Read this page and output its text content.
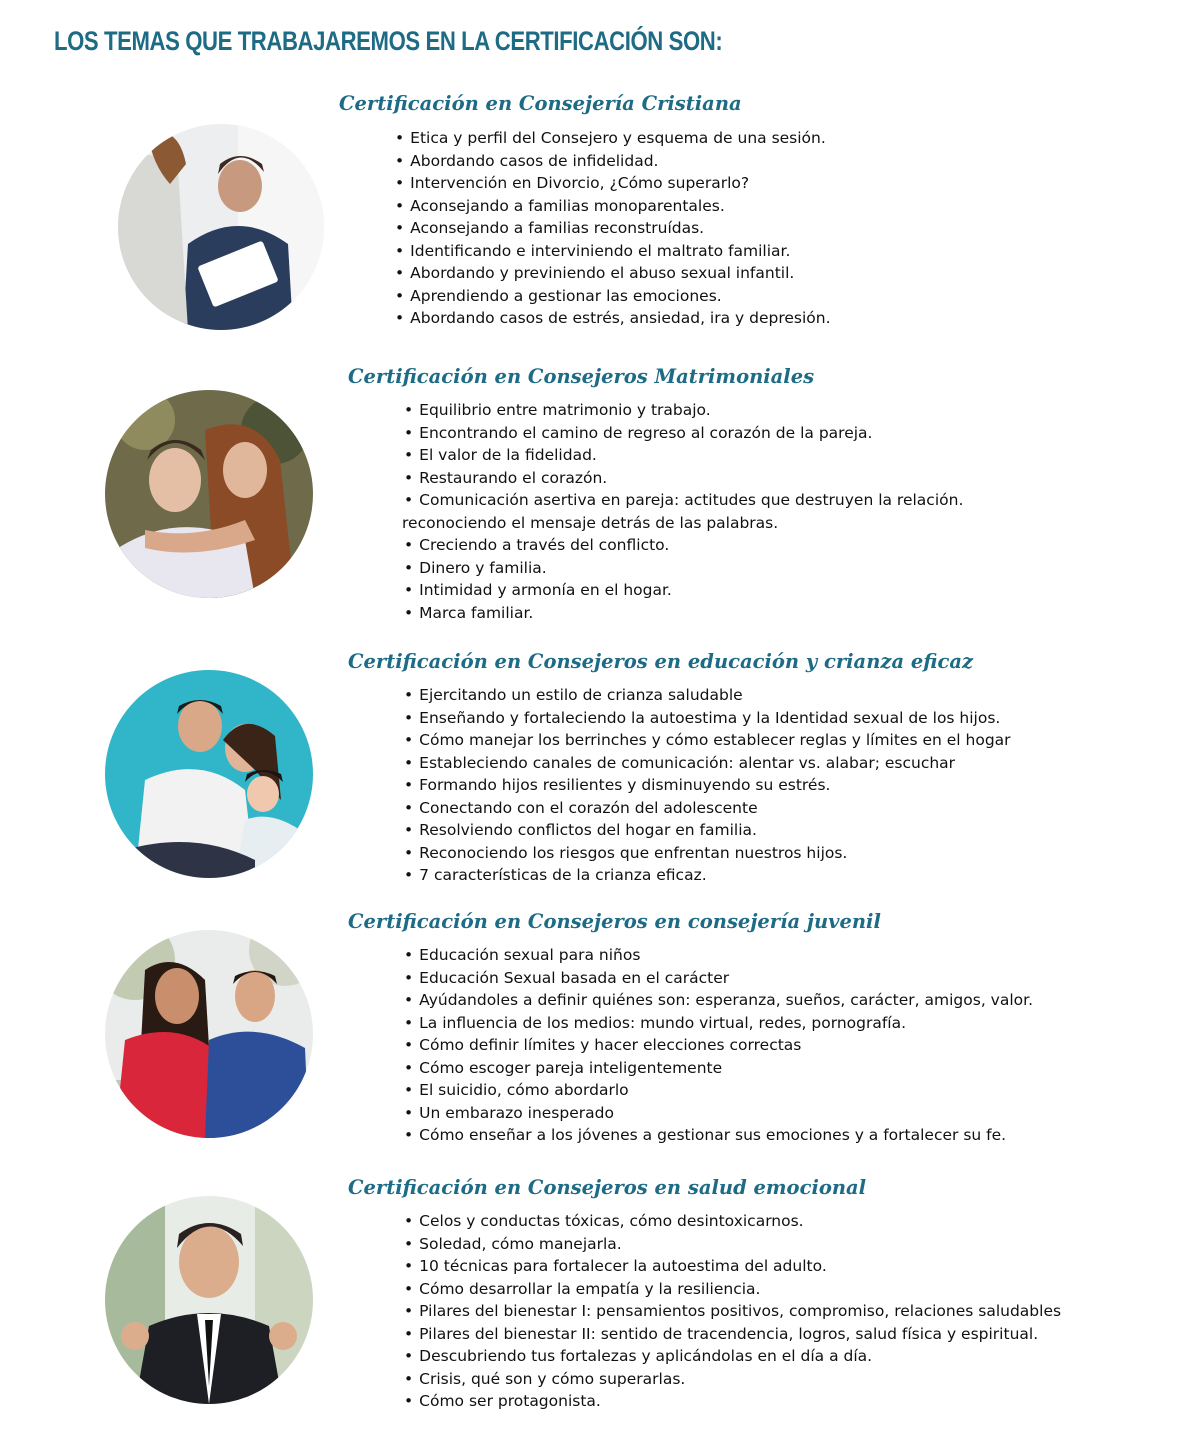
LOS TEMAS QUE TRABAJAREMOS EN LA CERTIFICACIÓN SON:
Certificación en Consejería Cristiana
• Etica y perfil del Consejero y esquema de una sesión.
• Abordando casos de infidelidad.
• Intervención en Divorcio, ¿Cómo superarlo?
• Aconsejando a familias monoparentales.
• Aconsejando a familias reconstruídas.
• Identificando e interviniendo el maltrato familiar.
• Abordando y previniendo el abuso sexual infantil.
• Aprendiendo a gestionar las emociones.
• Abordando casos de estrés, ansiedad, ira y depresión.
Certificación en Consejeros Matrimoniales
• Equilibrio entre matrimonio y trabajo.
• Encontrando el camino de regreso al corazón de la pareja.
• El valor de la fidelidad.
• Restaurando el corazón.
• Comunicación asertiva en pareja: actitudes que destruyen la relación.
reconociendo el mensaje detrás de las palabras.
• Creciendo a través del conflicto.
• Dinero y familia.
• Intimidad y armonía en el hogar.
• Marca familiar.
Certificación en Consejeros en educación y crianza eficaz
• Ejercitando un estilo de crianza saludable
• Enseñando y fortaleciendo la autoestima y la Identidad sexual de los hijos.
• Cómo manejar los berrinches y cómo establecer reglas y límites en el hogar
• Estableciendo canales de comunicación: alentar vs. alabar; escuchar
• Formando hijos resilientes y disminuyendo su estrés.
• Conectando con el corazón del adolescente
• Resolviendo conflictos del hogar en familia.
• Reconociendo los riesgos que enfrentan nuestros hijos.
• 7 características de la crianza eficaz.
Certificación en Consejeros en consejería juvenil
• Educación sexual para niños
• Educación Sexual basada en el carácter
• Ayúdandoles a definir quiénes son: esperanza, sueños, carácter, amigos, valor.
• La influencia de los medios: mundo virtual, redes, pornografía.
• Cómo definir límites y hacer elecciones correctas
• Cómo escoger pareja inteligentemente
• El suicidio, cómo abordarlo
• Un embarazo inesperado
• Cómo enseñar a los jóvenes a gestionar sus emociones y a fortalecer su fe.
Certificación en Consejeros en salud emocional
• Celos y conductas tóxicas, cómo desintoxicarnos.
• Soledad, cómo manejarla.
• 10 técnicas para fortalecer la autoestima del adulto.
• Cómo desarrollar la empatía y la resiliencia.
• Pilares del bienestar I: pensamientos positivos, compromiso, relaciones saludables
• Pilares del bienestar II: sentido de tracendencia, logros, salud física y espiritual.
• Descubriendo tus fortalezas y aplicándolas en el día a día.
• Crisis, qué son y cómo superarlas.
• Cómo ser protagonista.
